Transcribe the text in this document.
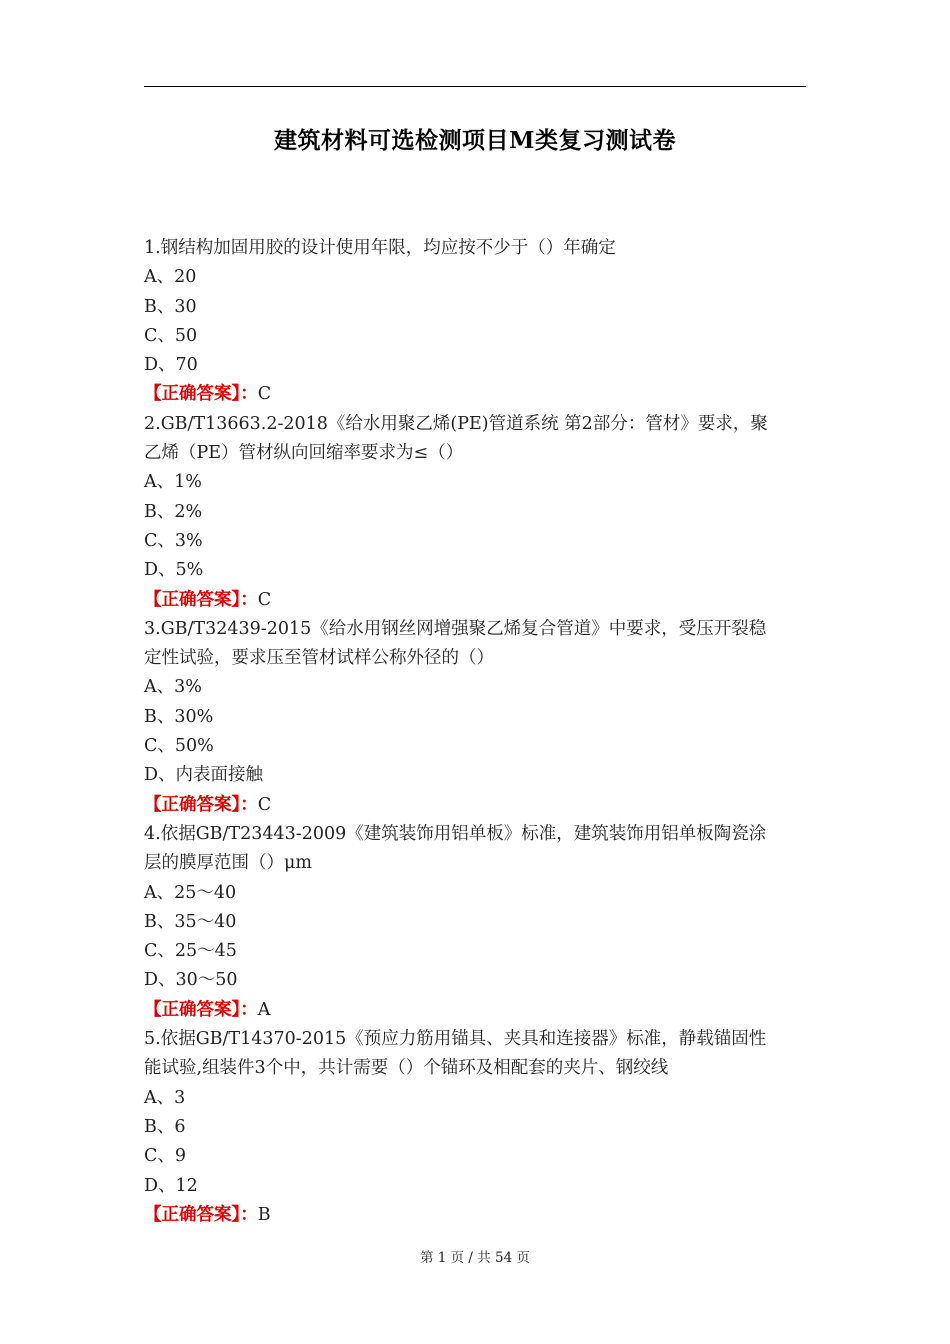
建筑材料可选检测项目M类复习测试卷
1.钢结构加固用胶的设计使用年限，均应按不少于（）年确定
A、20
B、30
C、50
D、70
【正确答案】：C
2.GB/T13663.2-2018《给水用聚乙烯(PE)管道系统 第2部分：管材》要求，聚
乙烯（PE）管材纵向回缩率要求为≤（）
A、1%
B、2%
C、3%
D、5%
【正确答案】：C
3.GB/T32439-2015《给水用钢丝网增强聚乙烯复合管道》中要求，受压开裂稳
定性试验，要求压至管材试样公称外径的（）
A、3%
B、30%
C、50%
D、内表面接触
【正确答案】：C
4.依据GB/T23443-2009《建筑装饰用铝单板》标准，建筑装饰用铝单板陶瓷涂
层的膜厚范围（）μm
A、25～40
B、35～40
C、25～45
D、30～50
【正确答案】：A
5.依据GB/T14370-2015《预应力筋用锚具、夹具和连接器》标准，静载锚固性
能试验,组装件3个中，共计需要（）个锚环及相配套的夹片、钢绞线
A、3
B、6
C、9
D、12
【正确答案】：B
第 1 页 / 共 54 页
